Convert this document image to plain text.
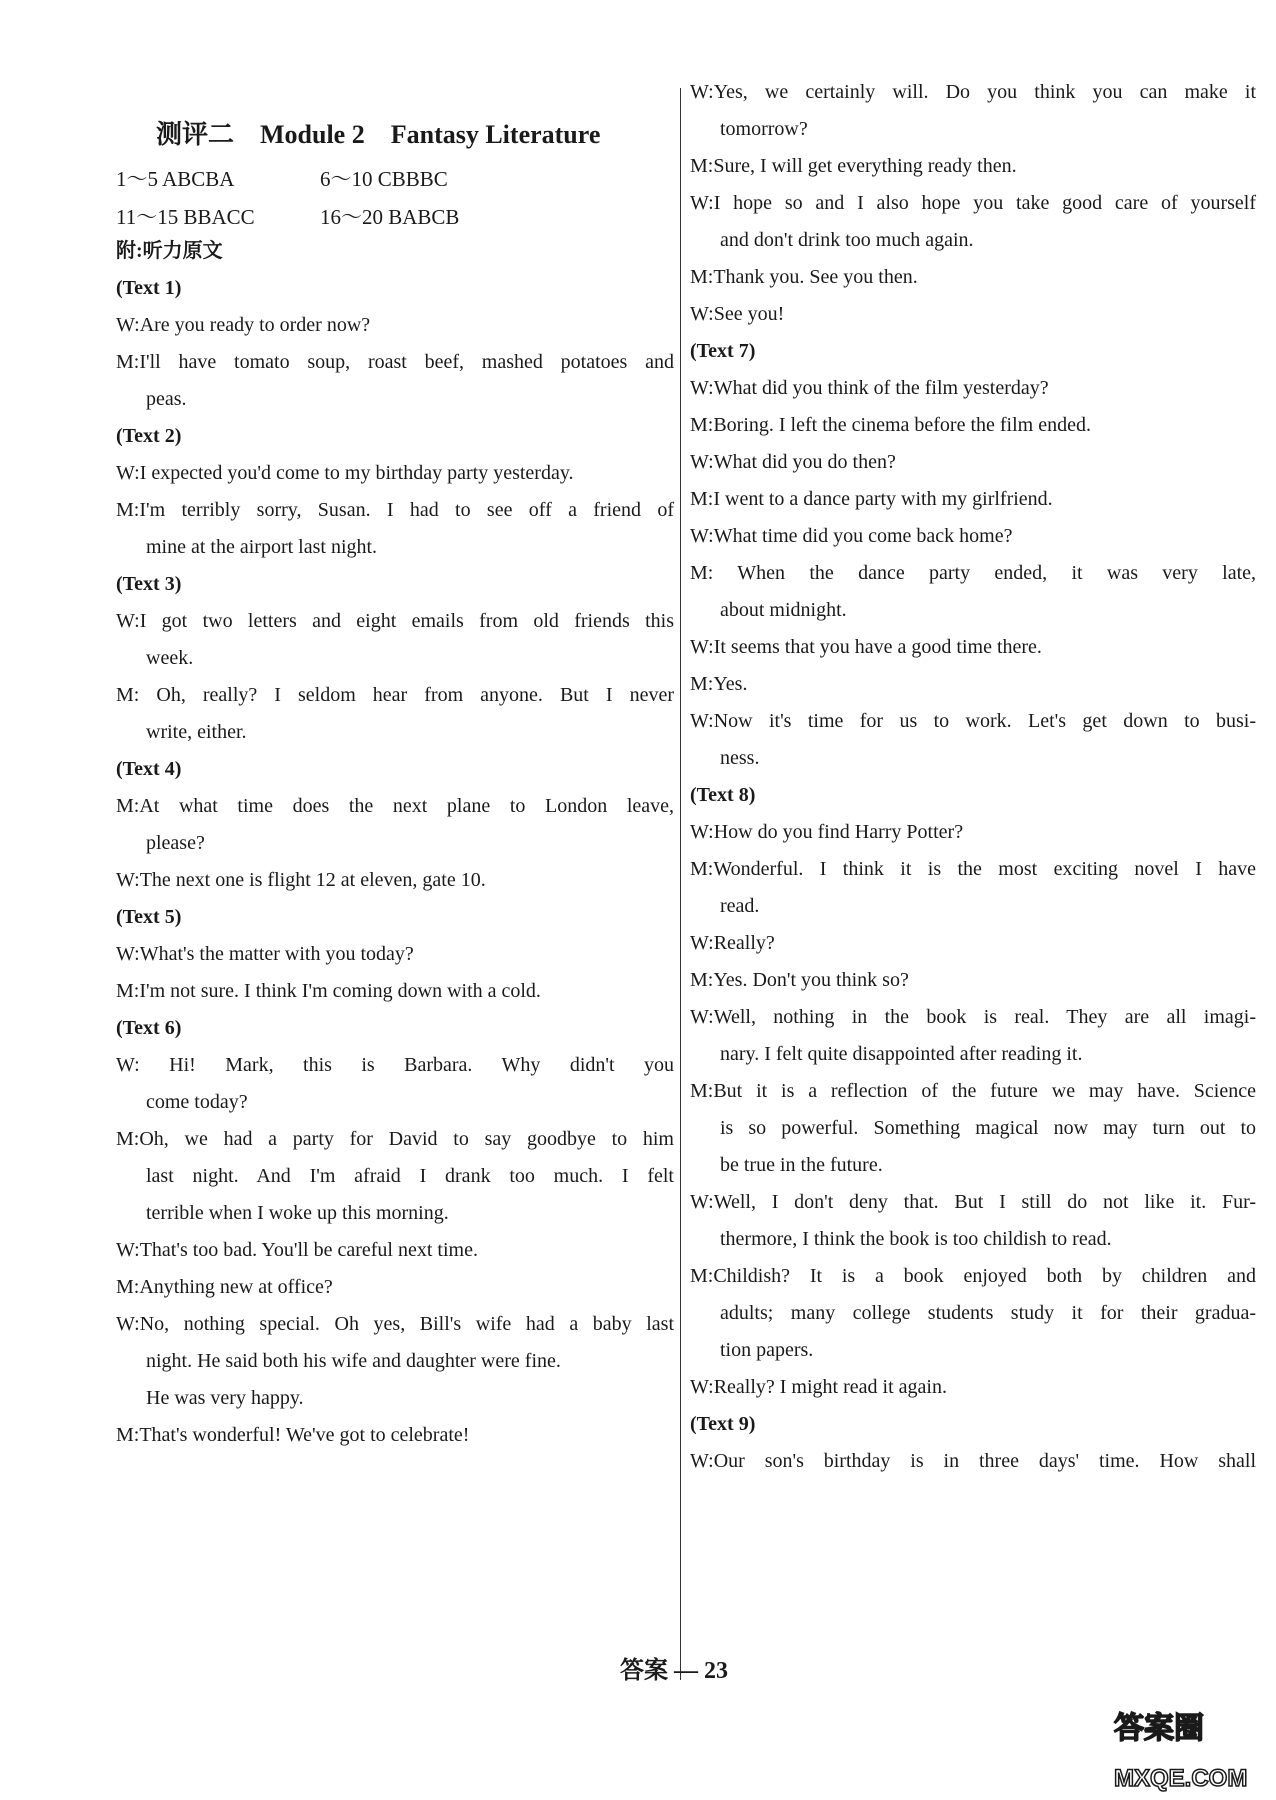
测评二　Module 2　Fantasy Literature
1～5 ABCBA	6～10 CBBBC
11～15 BBACC	16～20 BABCB
附:听力原文
(Text 1)
W:Are you ready to order now?
M:I'll have tomato soup, roast beef, mashed potatoes and
peas.
(Text 2)
W:I expected you'd come to my birthday party yesterday.
M:I'm terribly sorry, Susan. I had to see off a friend of
mine at the airport last night.
(Text 3)
W:I got two letters and eight emails from old friends this
week.
M: Oh, really? I seldom hear from anyone. But I never
write, either.
(Text 4)
M:At what time does the next plane to London leave,
please?
W:The next one is flight 12 at eleven, gate 10.
(Text 5)
W:What's the matter with you today?
M:I'm not sure. I think I'm coming down with a cold.
(Text 6)
W: Hi! Mark, this is Barbara. Why didn't you
come today?
M:Oh, we had a party for David to say goodbye to him
last night. And I'm afraid I drank too much. I felt
terrible when I woke up this morning.
W:That's too bad. You'll be careful next time.
M:Anything new at office?
W:No, nothing special. Oh yes, Bill's wife had a baby last
night. He said both his wife and daughter were fine.
He was very happy.
M:That's wonderful! We've got to celebrate!
W:Yes, we certainly will. Do you think you can make it
tomorrow?
M:Sure, I will get everything ready then.
W:I hope so and I also hope you take good care of yourself
and don't drink too much again.
M:Thank you. See you then.
W:See you!
(Text 7)
W:What did you think of the film yesterday?
M:Boring. I left the cinema before the film ended.
W:What did you do then?
M:I went to a dance party with my girlfriend.
W:What time did you come back home?
M: When the dance party ended, it was very late,
about midnight.
W:It seems that you have a good time there.
M:Yes.
W:Now it's time for us to work. Let's get down to busi-
ness.
(Text 8)
W:How do you find Harry Potter?
M:Wonderful. I think it is the most exciting novel I have
read.
W:Really?
M:Yes. Don't you think so?
W:Well, nothing in the book is real. They are all imagi-
nary. I felt quite disappointed after reading it.
M:But it is a reflection of the future we may have. Science
is so powerful. Something magical now may turn out to
be true in the future.
W:Well, I don't deny that. But I still do not like it. Fur-
thermore, I think the book is too childish to read.
M:Childish? It is a book enjoyed both by children and
adults; many college students study it for their gradua-
tion papers.
W:Really? I might read it again.
(Text 9)
W:Our son's birthday is in three days' time. How shall
答案 — 23
答案圈
MXQE.COM
